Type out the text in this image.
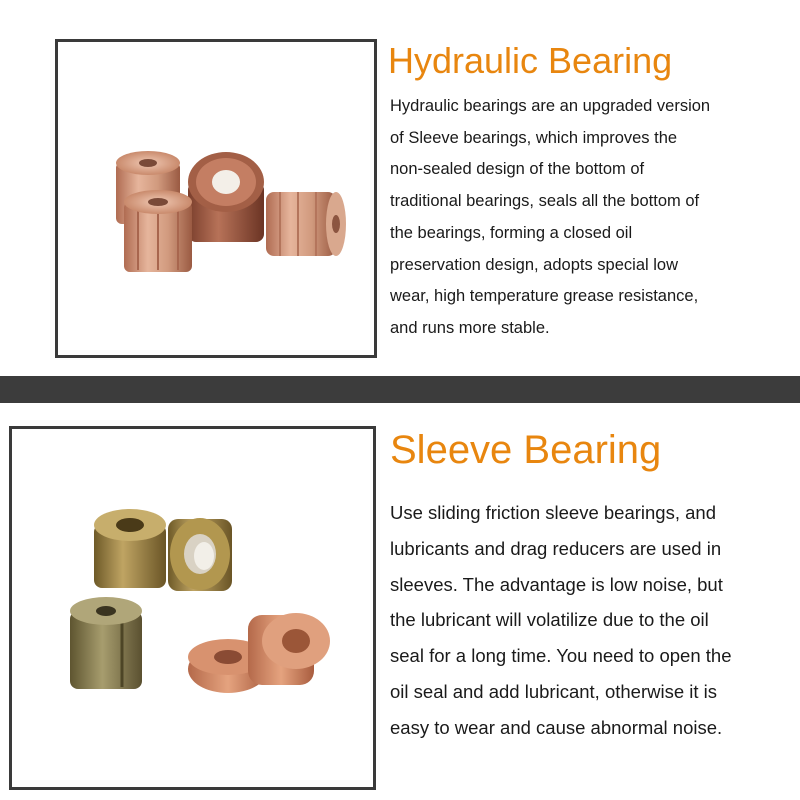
Hydraulic Bearing
Hydraulic bearings are an upgraded version
of Sleeve bearings, which improves the
non-sealed design of the bottom of
traditional bearings, seals all the bottom of
the bearings, forming a closed oil
preservation design, adopts special low
wear, high temperature grease resistance,
and runs more stable.
Sleeve Bearing
Use sliding friction sleeve bearings, and
lubricants and drag reducers are used in
sleeves. The advantage is low noise, but
the lubricant will volatilize due to the oil
seal for a long time. You need to open the
oil seal and add lubricant, otherwise it is
easy to wear and cause abnormal noise.
